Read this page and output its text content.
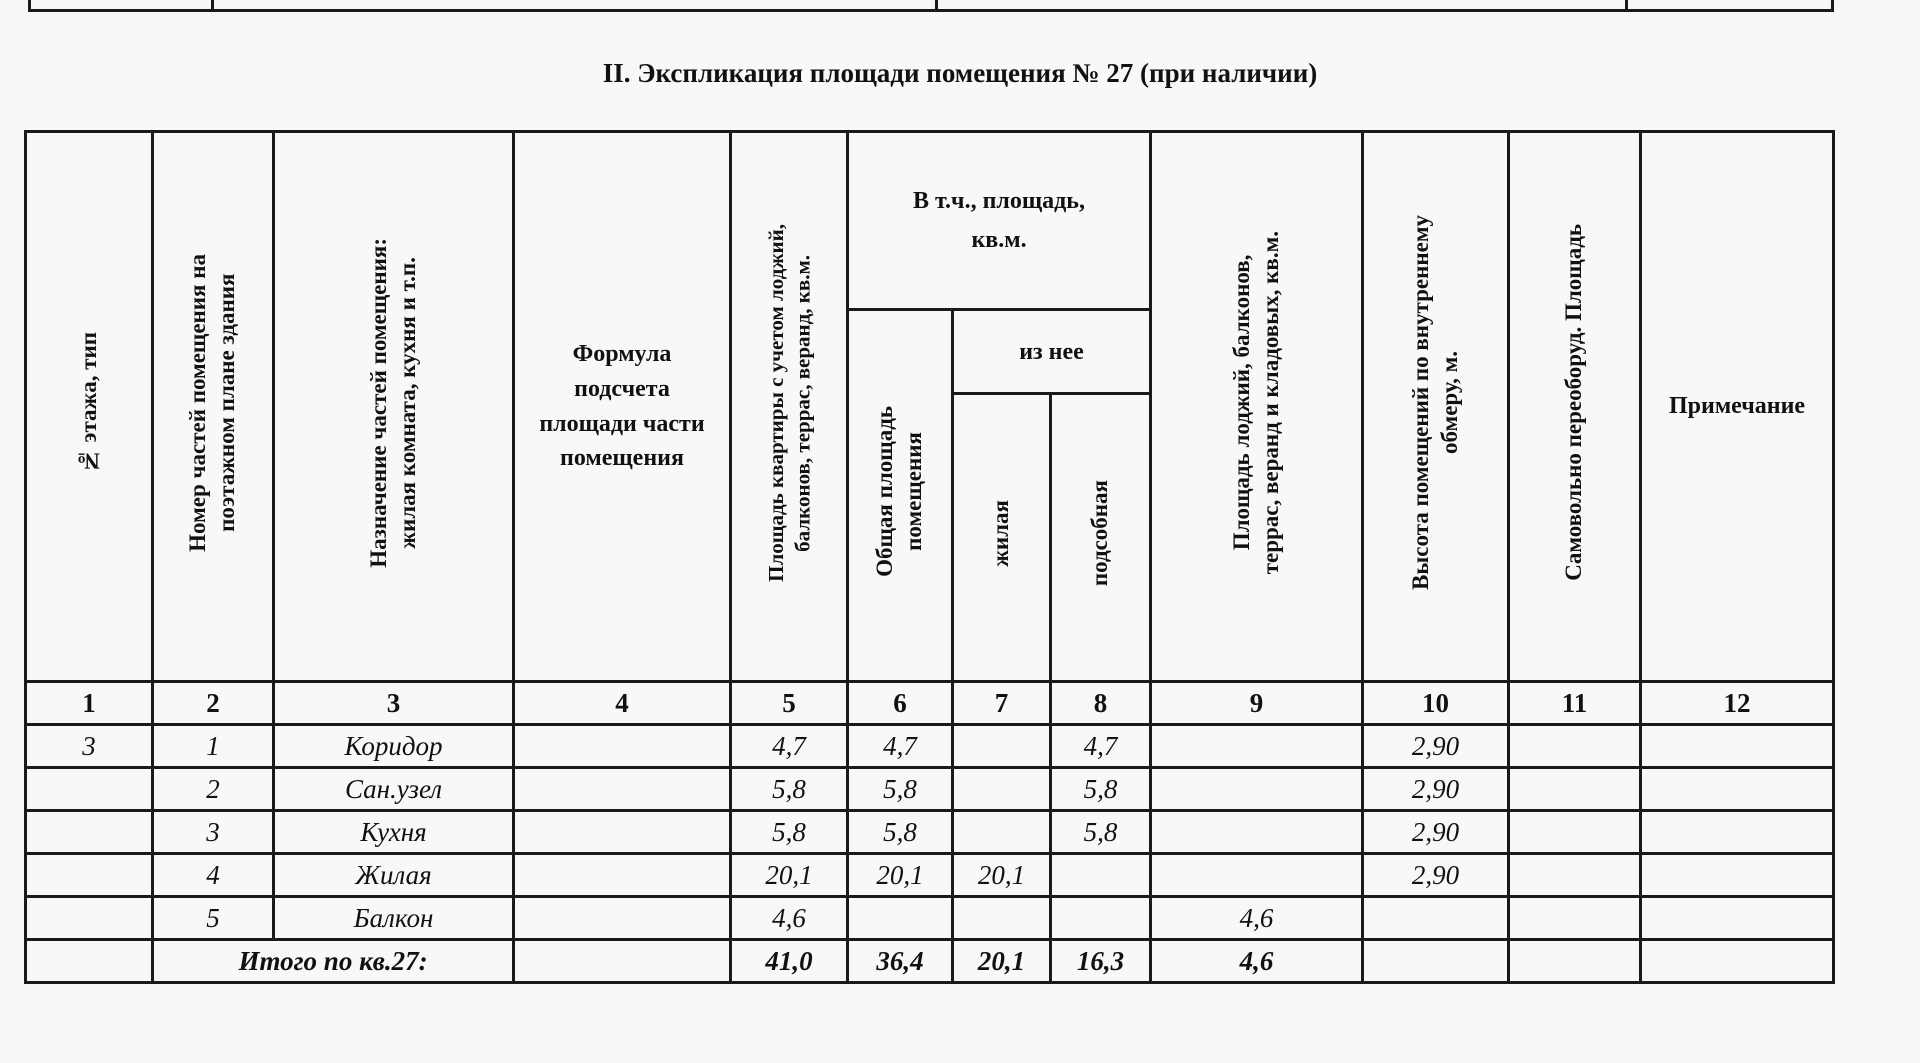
II. Экспликация площади помещения № 27 (при наличии)
№ этажа, тип	Номер частей помещения на поэтажном плане здания	Назначение частей помещения: жилая комната, кухня и т.п.	Формула подсчета площади части помещения	Площадь квартиры с учетом лоджий, балконов, террас, веранд, кв.м.	В т.ч., площадь, кв.м.			Площадь лоджий, балконов, террас, веранд и кладовых, кв.м.	Высота помещений по внутреннему обмеру, м.	Самовольно переоборуд. Площадь	Примечание
					Общая площадь помещения	из нее					
						жилая	подсобная				
1	2	3	4	5	6	7	8	9	10	11	12
3	1	Коридор		4,7	4,7		4,7		2,90		
	2	Сан.узел		5,8	5,8		5,8		2,90		
	3	Кухня		5,8	5,8		5,8		2,90		
	4	Жилая		20,1	20,1	20,1			2,90		
	5	Балкон		4,6				4,6			
	Итого по кв.27:			41,0	36,4	20,1	16,3	4,6			
